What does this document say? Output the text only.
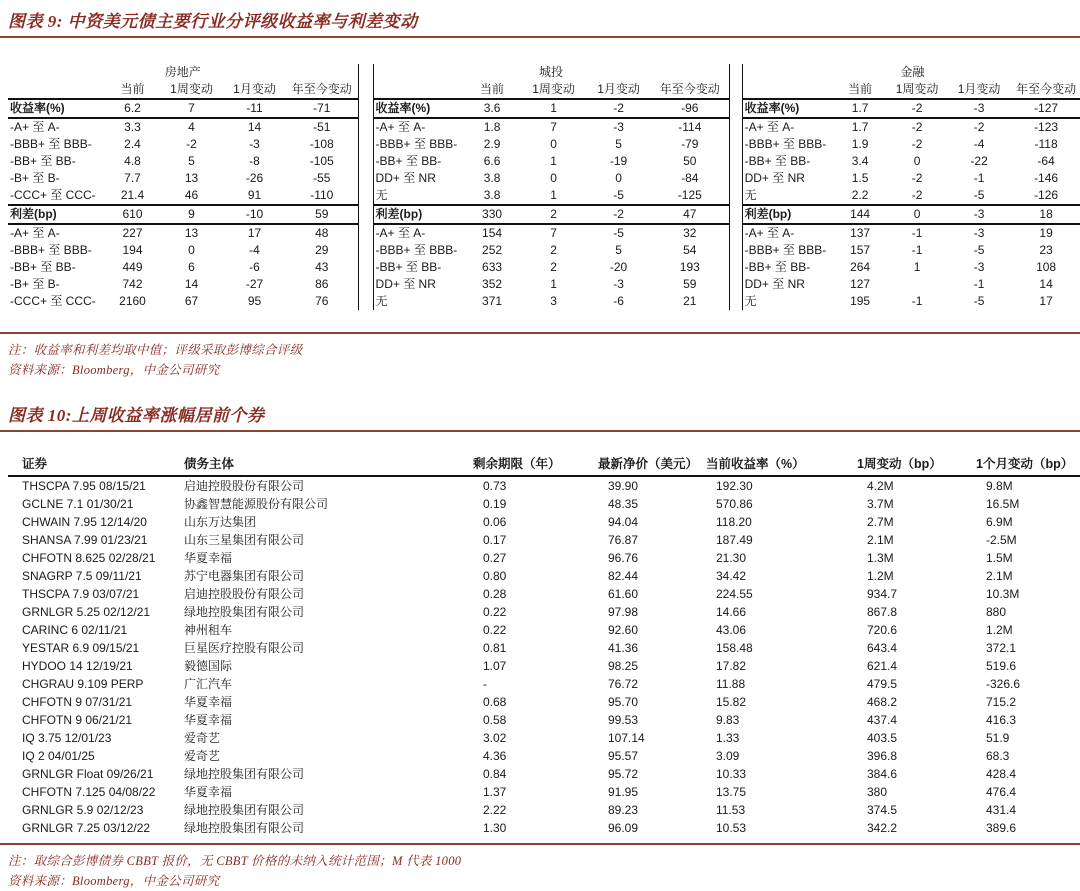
图表 9: 中资美元债主要行业分评级收益率与利差变动
房地产				
	当前	1周变动	1月变动	年至今变动
收益率(%)	6.2	7	-11	-71
-A+ 至 A-	3.3	4	14	-51
-BBB+ 至 BBB-	2.4	-2	-3	-108
-BB+ 至 BB-	4.8	5	-8	-105
-B+ 至 B-	7.7	13	-26	-55
-CCC+ 至 CCC-	21.4	46	91	-110
利差(bp)	610	9	-10	59
-A+ 至 A-	227	13	17	48
-BBB+ 至 BBB-	194	0	-4	29
-BB+ 至 BB-	449	6	-6	43
-B+ 至 B-	742	14	-27	86
-CCC+ 至 CCC-	2160	67	95	76
城投				
	当前	1周变动	1月变动	年至今变动
收益率(%)	3.6	1	-2	-96
-A+ 至 A-	1.8	7	-3	-114
-BBB+ 至 BBB-	2.9	0	5	-79
-BB+ 至 BB-	6.6	1	-19	50
DD+ 至 NR	3.8	0	0	-84
无	3.8	1	-5	-125
利差(bp)	330	2	-2	47
-A+ 至 A-	154	7	-5	32
-BBB+ 至 BBB-	252	2	5	54
-BB+ 至 BB-	633	2	-20	193
DD+ 至 NR	352	1	-3	59
无	371	3	-6	21
金融				
	当前	1周变动	1月变动	年至今变动
收益率(%)	1.7	-2	-3	-127
-A+ 至 A-	1.7	-2	-2	-123
-BBB+ 至 BBB-	1.9	-2	-4	-118
-BB+ 至 BB-	3.4	0	-22	-64
DD+ 至 NR	1.5	-2	-1	-146
无	2.2	-2	-5	-126
利差(bp)	144	0	-3	18
-A+ 至 A-	137	-1	-3	19
-BBB+ 至 BBB-	157	-1	-5	23
-BB+ 至 BB-	264	1	-3	108
DD+ 至 NR	127		-1	14
无	195	-1	-5	17
注：收益率和利差均取中值；评级采取彭博综合评级
资料来源：Bloomberg，中金公司研究
图表 10:上周收益率涨幅居前个券
证券	债务主体	剩余期限（年）	最新净价（美元）	当前收益率（%）	1周变动（bp）	1个月变动（bp）
THSCPA 7.95 08/15/21	启迪控股股份有限公司	0.73	39.90	192.30	4.2M	9.8M
GCLNE 7.1 01/30/21	协鑫智慧能源股份有限公司	0.19	48.35	570.86	3.7M	16.5M
CHWAIN 7.95 12/14/20	山东万达集团	0.06	94.04	118.20	2.7M	6.9M
SHANSA 7.99 01/23/21	山东三星集团有限公司	0.17	76.87	187.49	2.1M	-2.5M
CHFOTN 8.625 02/28/21	华夏幸福	0.27	96.76	21.30	1.3M	1.5M
SNAGRP 7.5 09/11/21	苏宁电器集团有限公司	0.80	82.44	34.42	1.2M	2.1M
THSCPA 7.9 03/07/21	启迪控股股份有限公司	0.28	61.60	224.55	934.7	10.3M
GRNLGR 5.25 02/12/21	绿地控股集团有限公司	0.22	97.98	14.66	867.8	880
CARINC 6 02/11/21	神州租车	0.22	92.60	43.06	720.6	1.2M
YESTAR 6.9 09/15/21	巨星医疗控股有限公司	0.81	41.36	158.48	643.4	372.1
HYDOO 14 12/19/21	毅德国际	1.07	98.25	17.82	621.4	519.6
CHGRAU 9.109 PERP	广汇汽车	-	76.72	11.88	479.5	-326.6
CHFOTN 9 07/31/21	华夏幸福	0.68	95.70	15.82	468.2	715.2
CHFOTN 9 06/21/21	华夏幸福	0.58	99.53	9.83	437.4	416.3
IQ 3.75 12/01/23	爱奇艺	3.02	107.14	1.33	403.5	51.9
IQ 2 04/01/25	爱奇艺	4.36	95.57	3.09	396.8	68.3
GRNLGR Float 09/26/21	绿地控股集团有限公司	0.84	95.72	10.33	384.6	428.4
CHFOTN 7.125 04/08/22	华夏幸福	1.37	91.95	13.75	380	476.4
GRNLGR 5.9 02/12/23	绿地控股集团有限公司	2.22	89.23	11.53	374.5	431.4
GRNLGR 7.25 03/12/22	绿地控股集团有限公司	1.30	96.09	10.53	342.2	389.6
注：取综合彭博债券 CBBT 报价，无 CBBT 价格的未纳入统计范围；M 代表 1000
资料来源：Bloomberg，中金公司研究
